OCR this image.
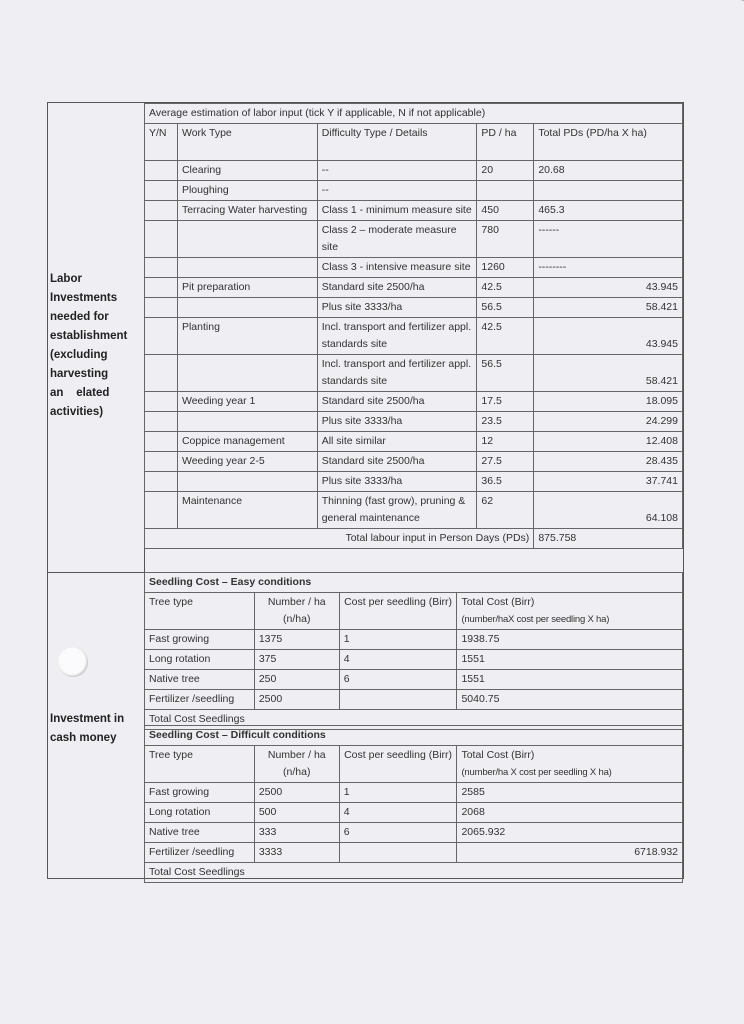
Labor
Investments
needed for
establishment
(excluding
harvesting
an    elated
activities)
Investment in
cash money
Average estimation of labor input (tick Y if applicable, N if not applicable)				
Y/N	Work Type	Difficulty Type / Details	PD / ha	Total PDs (PD/ha X ha)
	Clearing	--	20	20.68
	Ploughing	--		
	Terracing Water harvesting	Class 1 - minimum measure site	450	465.3
		Class 2 – moderate measure site	780	------
		Class 3 - intensive measure site	1260	--------
	Pit preparation	Standard site 2500/ha	42.5	43.945
		Plus site 3333/ha	56.5	58.421
	Planting	Incl. transport and fertilizer appl. standards site	42.5	43.945
		Incl. transport and fertilizer appl. standards site	56.5	58.421
	Weeding year 1	Standard site 2500/ha	17.5	18.095
		Plus site 3333/ha	23.5	24.299
	Coppice management	All site similar	12	12.408
	Weeding year 2-5	Standard site 2500/ha	27.5	28.435
		Plus site 3333/ha	36.5	37.741
	Maintenance	Thinning (fast grow), pruning & general maintenance	62	64.108
Total labour input in Person Days (PDs)				875.758
Seedling Cost – Easy conditions			
Tree type	Number / ha (n/ha)	Cost per seedling (Birr)	Total Cost (Birr)
(number/haX cost per seedling X ha)

Fast growing	1375	1	1938.75
Long rotation	375	4	1551
Native tree	250	6	1551
Fertilizer /seedling	2500		5040.75
Total Cost Seedlings			
Seedling Cost – Difficult conditions			
Tree type	Number / ha (n/ha)	Cost per seedling (Birr)	Total Cost (Birr)
(number/ha X cost per seedling X ha)

Fast growing	2500	1	2585
Long rotation	500	4	2068
Native tree	333	6	2065.932
Fertilizer /seedling	3333		6718.932
Total Cost Seedlings			
